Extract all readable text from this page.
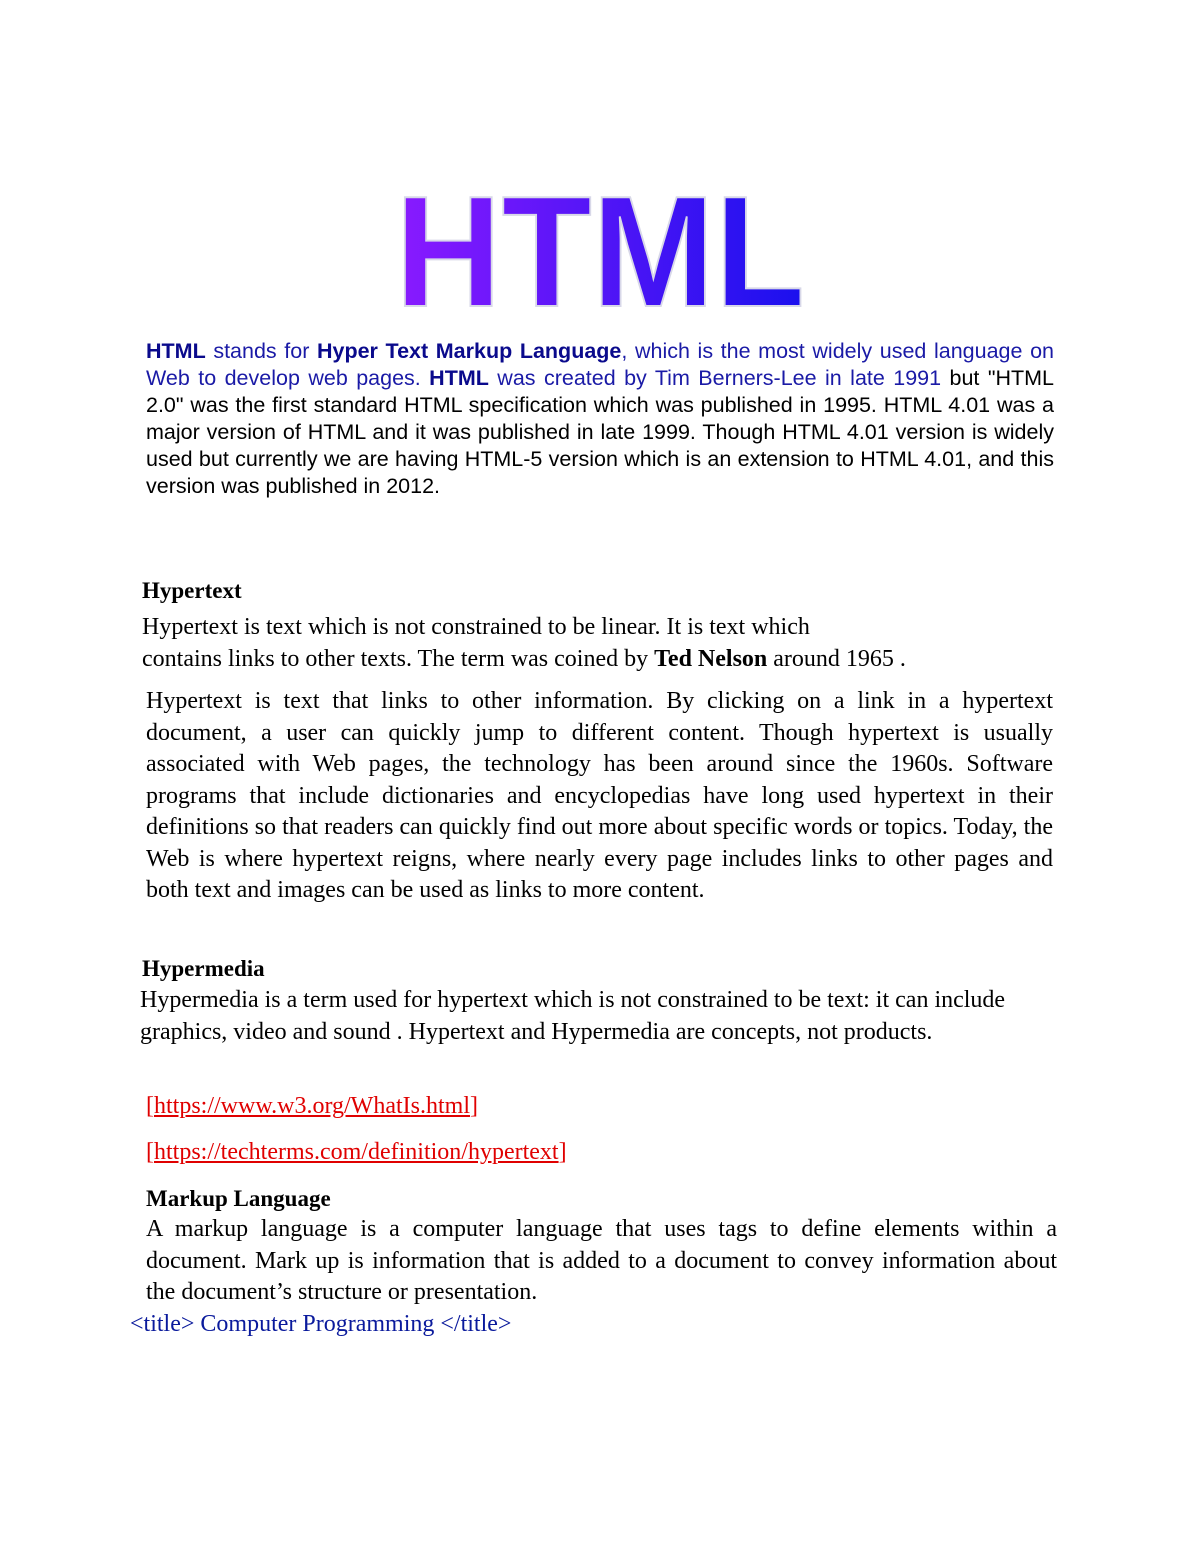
HTML
HTML stands for Hyper Text Markup Language, which is the most widely used language on Web to develop web pages. HTML was created by Tim Berners-Lee in late 1991 but "HTML 2.0" was the first standard HTML specification which was published in 1995. HTML 4.01 was a major version of HTML and it was published in late 1999. Though HTML 4.01 version is widely used but currently we are having HTML-5 version which is an extension to HTML 4.01, and this version was published in 2012.
Hypertext
Hypertext is text which is not constrained to be linear. It is text which
contains links to other texts. The term was coined by Ted Nelson around 1965 .
Hypertext is text that links to other information. By clicking on a link in a hypertext document, a user can quickly jump to different content. Though hypertext is usually associated with Web pages, the technology has been around since the 1960s. Software programs that include dictionaries and encyclopedias have long used hypertext in their definitions so that readers can quickly find out more about specific words or topics. Today, the Web is where hypertext reigns, where nearly every page includes links to other pages and both text and images can be used as links to more content.
Hypermedia
Hypermedia is a term used for hypertext which is not constrained to be text: it can include graphics, video and sound . Hypertext and Hypermedia are concepts, not products.
[https://www.w3.org/WhatIs.html]
[https://techterms.com/definition/hypertext]
Markup Language
A markup language is a computer language that uses tags to define elements within a document. Mark up is information that is added to a document to convey information about the document’s structure or presentation.
<title> Computer Programming </title>
